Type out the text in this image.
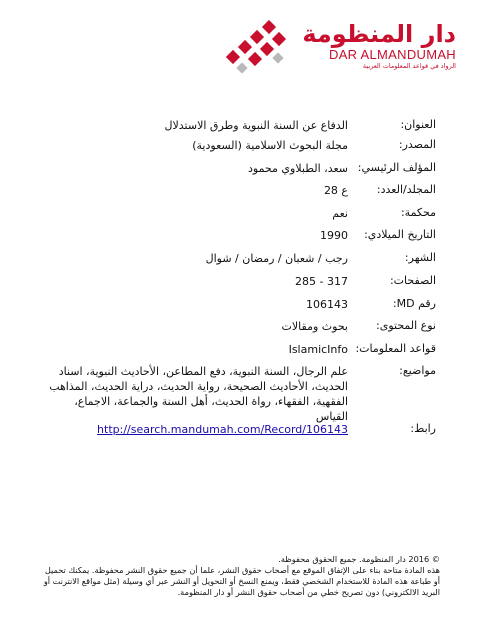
دار المنظومة
DAR ALMANDUMAH
الرواد في قواعد المعلومات العربية
العنوان:
الدفاع عن السنة النبوية وطرق الاستدلال
المصدر:
مجلة البحوث الاسلامية (السعودية)
المؤلف الرئيسي:
سعد، الطبلاوي محمود
المجلد/العدد:
ع 28
محكمة:
نعم
التاريخ الميلادي:
1990
الشهر:
رجب / شعبان / رمضان / شوال
الصفحات:
285 - 317
رقم MD:
106143
نوع المحتوى:
بحوث ومقالات
قواعد المعلومات:
IslamicInfo
مواضيع:
علم الرجال، السنة النبوية، دفع المطاعن، الأحاديث النبوية، اسناد الحديث، الأحاديث الصحيحة، رواية الحديث، دراية الحديث، المذاهب الفقهية، الفقهاء، رواة الحديث، أهل السنة والجماعة، الاجماع، القياس
رابط:
http://search.mandumah.com/Record/106143
© 2016 دار المنظومة. جميع الحقوق محفوظة.
هذه المادة متاحة بناء على الإتفاق الموقع مع أصحاب حقوق النشر، علما أن جميع حقوق النشر محفوظة. يمكنك تحميل أو طباعة هذه المادة للاستخدام الشخصي فقط، ويمنع النسخ أو التحويل أو النشر عبر أي وسيلة (مثل مواقع الانترنت أو البريد الالكتروني) دون تصريح خطي من أصحاب حقوق النشر أو دار المنظومة.
